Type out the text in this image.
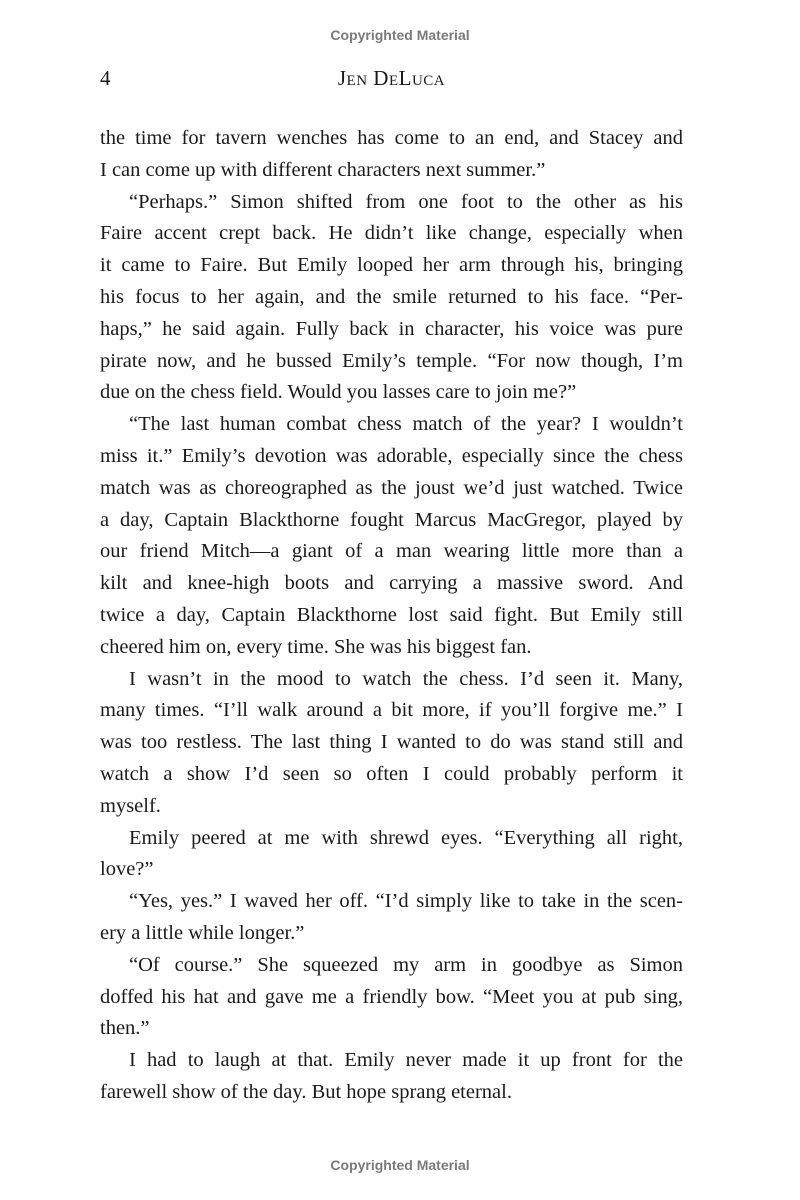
Copyrighted Material
4	Jen DeLuca
the time for tavern wenches has come to an end, and Stacey and
I can come up with different characters next summer.”
“Perhaps.” Simon shifted from one foot to the other as his
Faire accent crept back. He didn’t like change, especially when
it came to Faire. But Emily looped her arm through his, bringing
his focus to her again, and the smile returned to his face. “Per-
haps,” he said again. Fully back in character, his voice was pure
pirate now, and he bussed Emily’s temple. “For now though, I’m
due on the chess field. Would you lasses care to join me?”
“The last human combat chess match of the year? I wouldn’t
miss it.” Emily’s devotion was adorable, especially since the chess
match was as choreographed as the joust we’d just watched. Twice
a day, Captain Blackthorne fought Marcus MacGregor, played by
our friend Mitch—a giant of a man wearing little more than a
kilt and knee-high boots and carrying a massive sword. And
twice a day, Captain Blackthorne lost said fight. But Emily still
cheered him on, every time. She was his biggest fan.
I wasn’t in the mood to watch the chess. I’d seen it. Many,
many times. “I’ll walk around a bit more, if you’ll forgive me.” I
was too restless. The last thing I wanted to do was stand still and
watch a show I’d seen so often I could probably perform it
myself.
Emily peered at me with shrewd eyes. “Everything all right,
love?”
“Yes, yes.” I waved her off. “I’d simply like to take in the scen-
ery a little while longer.”
“Of course.” She squeezed my arm in goodbye as Simon
doffed his hat and gave me a friendly bow. “Meet you at pub sing,
then.”
I had to laugh at that. Emily never made it up front for the
farewell show of the day. But hope sprang eternal.
Copyrighted Material
